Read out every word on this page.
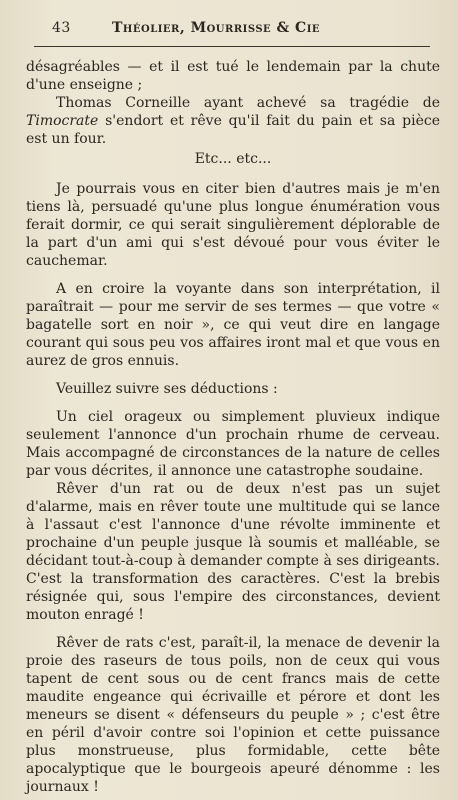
43	Théolier, Mourrisse & Cie

désagréables — et il est tué le lendemain par la chute d'une enseigne ;

Thomas Corneille ayant achevé sa tragédie de Timocrate s'endort et rêve qu'il fait du pain et sa pièce est un four.

Etc... etc...

Je pourrais vous en citer bien d'autres mais je m'en tiens là, persuadé qu'une plus longue énumération vous ferait dormir, ce qui serait singulièrement déplorable de la part d'un ami qui s'est dévoué pour vous éviter le cauchemar.

A en croire la voyante dans son interprétation, il paraîtrait — pour me servir de ses termes — que votre « bagatelle sort en noir », ce qui veut dire en langage courant qui sous peu vos affaires iront mal et que vous en aurez de gros ennuis.

Veuillez suivre ses déductions :

Un ciel orageux ou simplement pluvieux indique seulement l'annonce d'un prochain rhume de cerveau. Mais accompagné de circonstances de la nature de celles par vous décrites, il annonce une catastrophe soudaine.

Rêver d'un rat ou de deux n'est pas un sujet d'alarme, mais en rêver toute une multitude qui se lance à l'assaut c'est l'annonce d'une révolte imminente et prochaine d'un peuple jusque là soumis et malléable, se décidant tout-à-coup à demander compte à ses dirigeants. C'est la transformation des caractères. C'est la brebis résignée qui, sous l'empire des circonstances, devient mouton enragé !

Rêver de rats c'est, paraît-il, la menace de devenir la proie des raseurs de tous poils, non de ceux qui vous tapent de cent sous ou de cent francs mais de cette maudite engeance qui écrivaille et pérore et dont les meneurs se disent « défenseurs du peuple » ; c'est être en péril d'avoir contre soi l'opinion et cette puissance plus monstrueuse, plus formidable, cette bête apocalyptique que le bourgeois apeuré dénomme : les journaux !
